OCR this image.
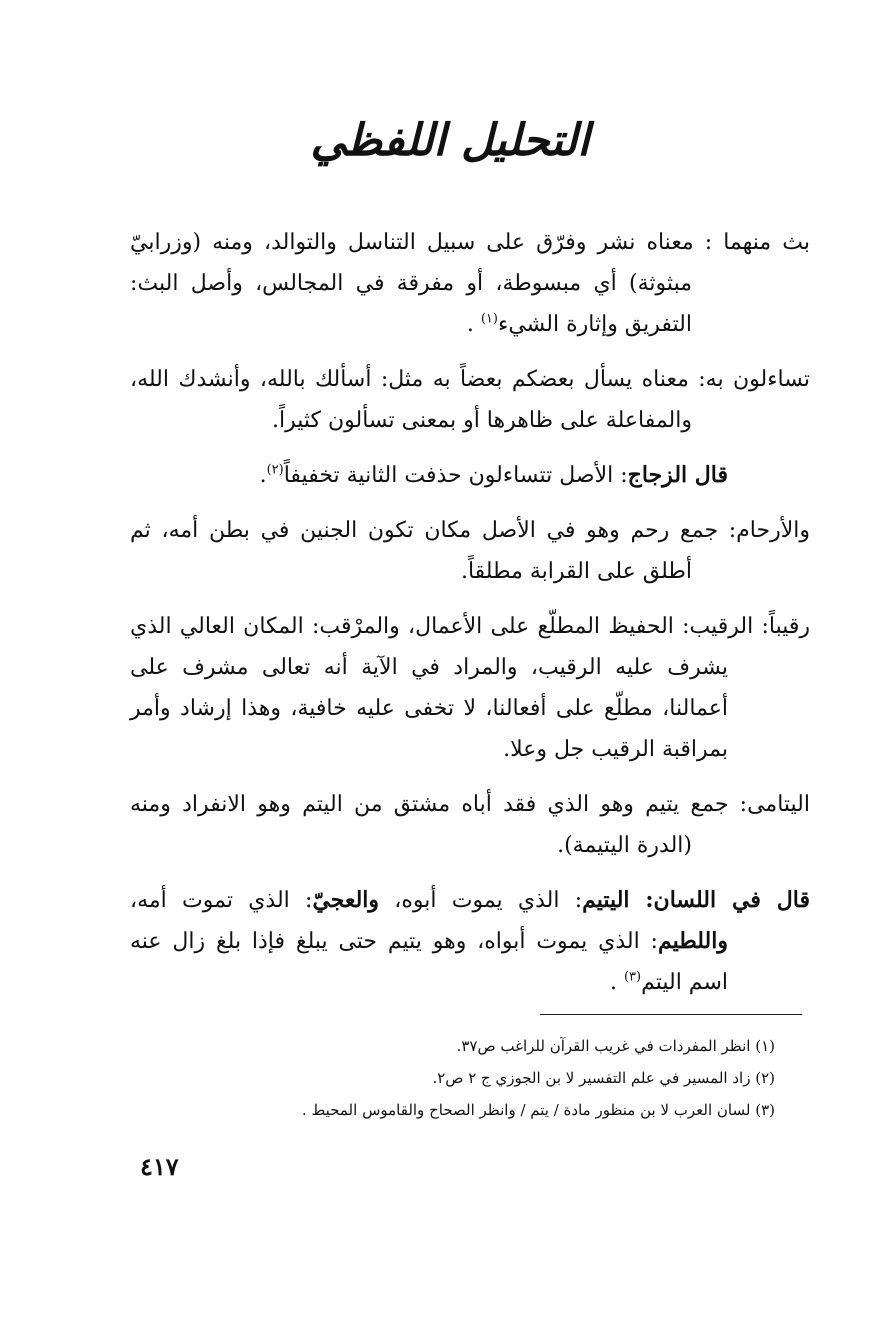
التحليل اللفظي

بث منهما : معناه نشر وفرّق على سبيل التناسل والتوالد، ومنه (وزرابيّ مبثوثة) أي مبسوطة، أو مفرقة في المجالس، وأصل البث: التفريق وإثارة الشيء$^{(١)}$ .

تساءلون به: معناه يسأل بعضكم بعضاً به مثل: أسألك بالله، وأنشدك الله، والمفاعلة على ظاهرها أو بمعنى تسألون كثيراً.

قال الزجاج: الأصل تتساءلون حذفت الثانية تخفيفاً$^{(٢)}$.

والأرحام: جمع رحم وهو في الأصل مكان تكون الجنين في بطن أمه، ثم أطلق على القرابة مطلقاً.

رقيباً: الرقيب: الحفيظ المطلّع على الأعمال، والمرْقب: المكان العالي الذي يشرف عليه الرقيب، والمراد في الآية أنه تعالى مشرف على أعمالنا، مطلّع على أفعالنا، لا تخفى عليه خافية، وهذا إرشاد وأمر بمراقبة الرقيب جل وعلا.

اليتامى: جمع يتيم وهو الذي فقد أباه مشتق من اليتم وهو الانفراد ومنه (الدرة اليتيمة).

قال في اللسان: اليتيم: الذي يموت أبوه، والعجيّ: الذي تموت أمه، واللطيم: الذي يموت أبواه، وهو يتيم حتى يبلغ فإذا بلغ زال عنه اسم اليتم$^{(٣)}$ .

(١) انظر المفردات في غريب القرآن للراغب ص٣٧.

(٢) زاد المسير في علم التفسير لا بن الجوزي ج ٢ ص٢.

(٣) لسان العرب لا بن منظور مادة / يتم / وانظر الصحاح والقاموس المحيط .

٤١٧
